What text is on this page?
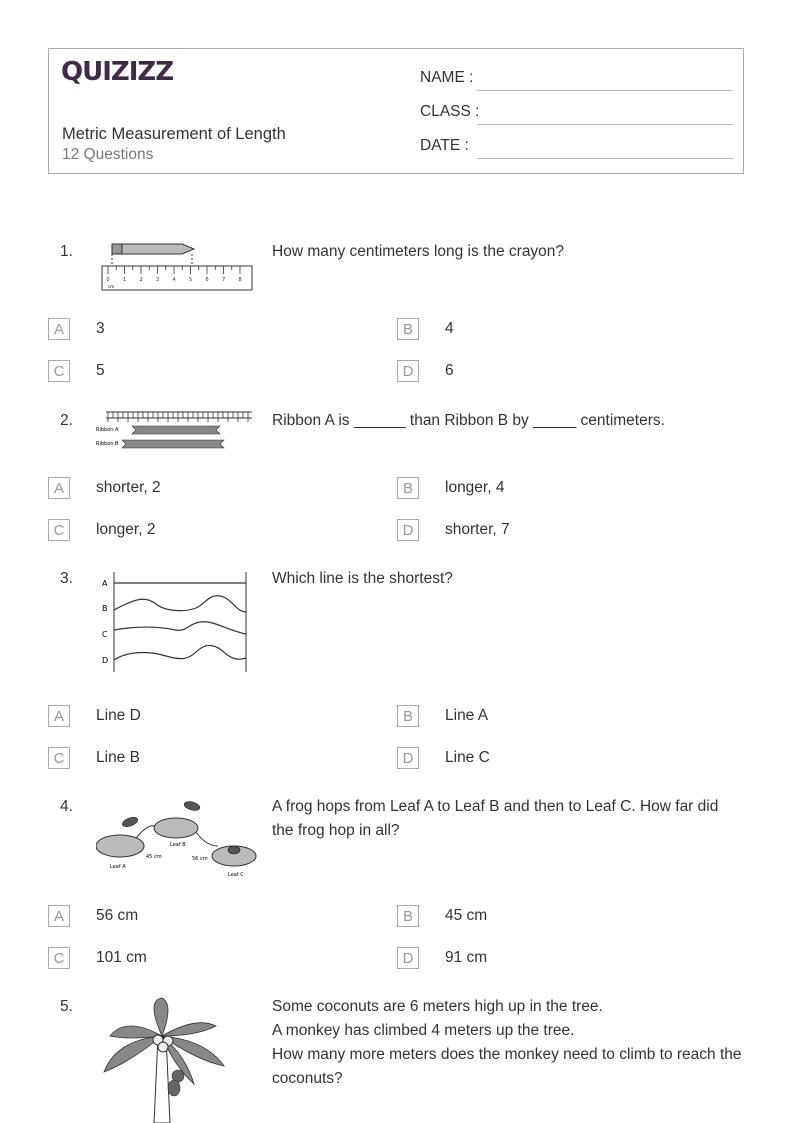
QUIZIZZ
Metric Measurement of Length
12 Questions
NAME :
CLASS :
DATE :
1.
0	1	2	3	4	5	6	7	8
cm
How many centimeters long is the crayon?
A	3	B	4
C	5	D	6
2.
Ribbon A
Ribbon B
Ribbon A is ______ than Ribbon B by _____ centimeters.
A	shorter, 2	B	longer, 4
C	longer, 2	D	shorter, 7
3.	A
B
C
D
Which line is the shortest?
A	Line D	B	Line A
C	Line B	D	Line C
4.
Leaf A
Leaf B
Leaf C
45 cm	56 cm
A frog hops from Leaf A to Leaf B and then to Leaf C. How far did the frog hop in all?
A	56 cm	B	45 cm
C	101 cm	D	91 cm
5.	Some coconuts are 6 meters high up in the tree.
A monkey has climbed 4 meters up the tree.
How many more meters does the monkey need to climb to reach the coconuts?
